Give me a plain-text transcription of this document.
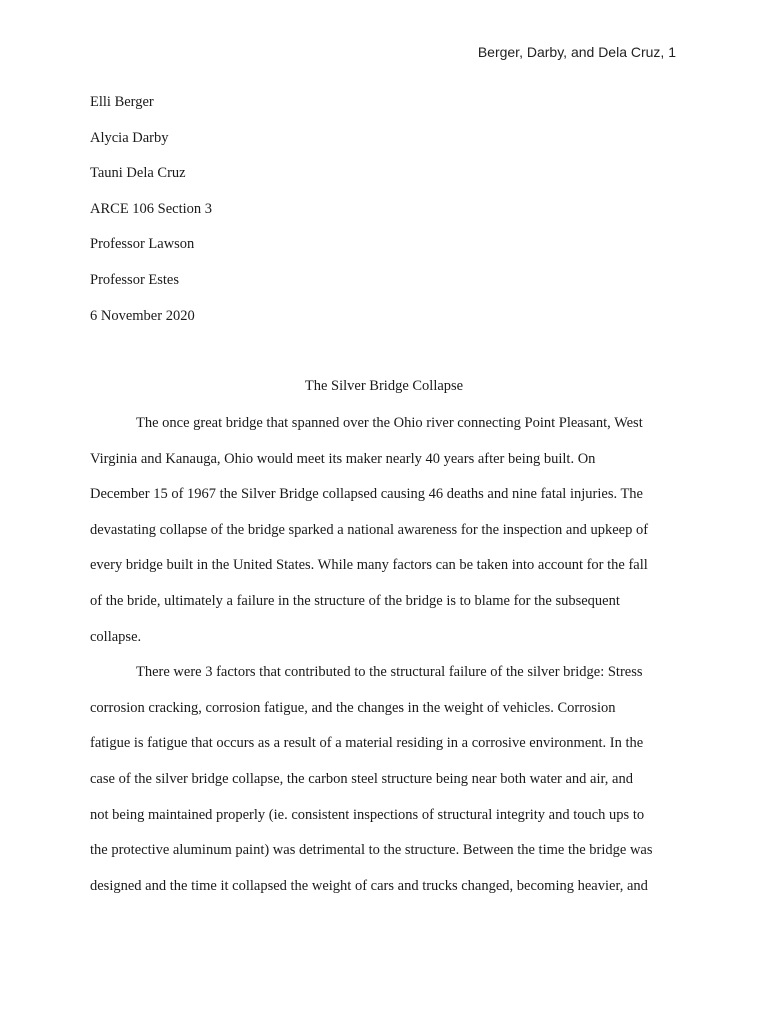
Berger, Darby, and Dela Cruz, 1
Elli Berger
Alycia Darby
Tauni Dela Cruz
ARCE 106 Section 3
Professor Lawson
Professor Estes
6 November 2020
The Silver Bridge Collapse
The once great bridge that spanned over the Ohio river connecting Point Pleasant, West
Virginia and Kanauga, Ohio would meet its maker nearly 40 years after being built. On
December 15 of 1967 the Silver Bridge collapsed causing 46 deaths and nine fatal injuries. The
devastating collapse of the bridge sparked a national awareness for the inspection and upkeep of
every bridge built in the United States. While many factors can be taken into account for the fall
of the bride, ultimately a failure in the structure of the bridge is to blame for the subsequent
collapse.
There were 3 factors that contributed to the structural failure of the silver bridge: Stress
corrosion cracking, corrosion fatigue, and the changes in the weight of vehicles. Corrosion
fatigue is fatigue that occurs as a result of a material residing in a corrosive environment. In the
case of the silver bridge collapse, the carbon steel structure being near both water and air, and
not being maintained properly (ie. consistent inspections of structural integrity and touch ups to
the protective aluminum paint) was detrimental to the structure. Between the time the bridge was
designed and the time it collapsed the weight of cars and trucks changed, becoming heavier, and
